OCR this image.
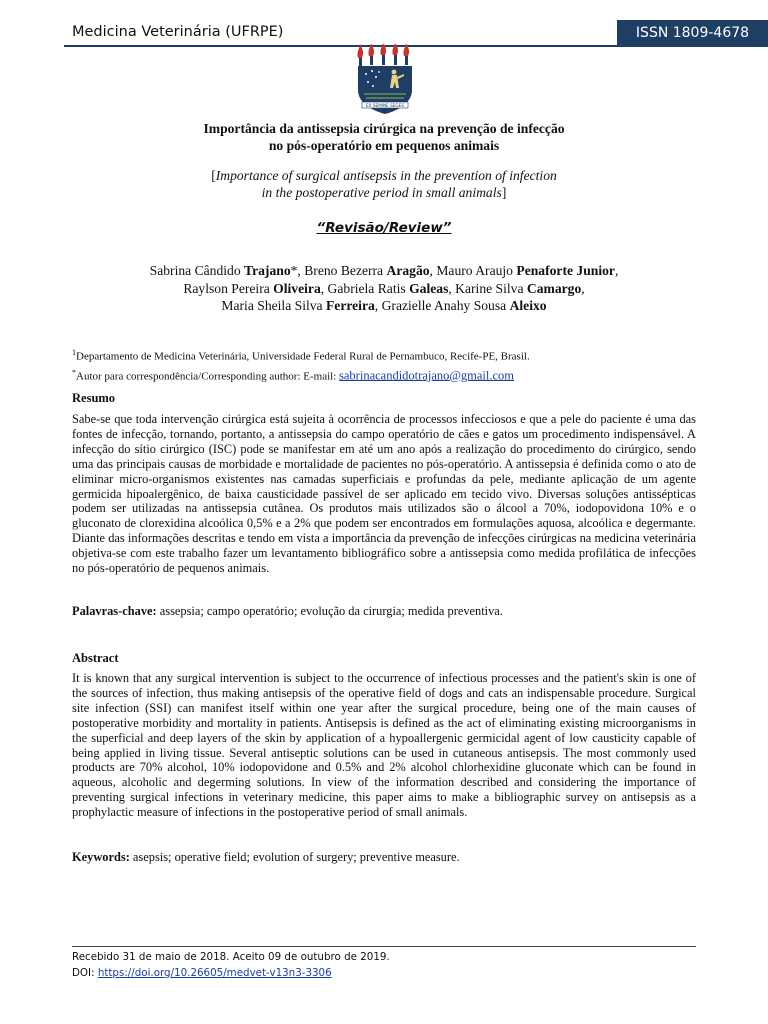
Medicina Veterinária (UFRPE)	ISSN 1809-4678
EX SEMINE SEGES
Importância da antissepsia cirúrgica na prevenção de infecção
no pós-operatório em pequenos animais
[Importance of surgical antisepsis in the prevention of infection
in the postoperative period in small animals]
“Revisão/Review”
Sabrina Cândido Trajano*, Breno Bezerra Aragão, Mauro Araujo Penaforte Junior,
Raylson Pereira Oliveira, Gabriela Ratis Galeas, Karine Silva Camargo,
Maria Sheila Silva Ferreira, Grazielle Anahy Sousa Aleixo
$^1$Departamento de Medicina Veterinária, Universidade Federal Rural de Pernambuco, Recife-PE, Brasil.
*Autor para correspondência/Corresponding author: E-mail: sabrinacandidotrajano@gmail.com
Resumo
Sabe-se que toda intervenção cirúrgica está sujeita à ocorrência de processos infecciosos e que a pele do paciente é uma das fontes de infecção, tornando, portanto, a antissepsia do campo operatório de cães e gatos um procedimento indispensável. A infecção do sítio cirúrgico (ISC) pode se manifestar em até um ano após a realização do procedimento do cirúrgico, sendo uma das principais causas de morbidade e mortalidade de pacientes no pós-operatório. A antissepsia é definida como o ato de eliminar micro-organismos existentes nas camadas superficiais e profundas da pele, mediante aplicação de um agente germicida hipoalergênico, de baixa causticidade passível de ser aplicado em tecido vivo. Diversas soluções antissépticas podem ser utilizadas na antissepsia cutânea. Os produtos mais utilizados são o álcool a 70%, iodopovidona 10% e o gluconato de clorexidina alcoólica 0,5% e a 2% que podem ser encontrados em formulações aquosa, alcoólica e degermante. Diante das informações descritas e tendo em vista a importância da prevenção de infecções cirúrgicas na medicina veterinária objetiva-se com este trabalho fazer um levantamento bibliográfico sobre a antissepsia como medida profilática de infecções no pós-operatório de pequenos animais.
Palavras-chave: assepsia; campo operatório; evolução da cirurgia; medida preventiva.
Abstract
It is known that any surgical intervention is subject to the occurrence of infectious processes and the patient's skin is one of the sources of infection, thus making antisepsis of the operative field of dogs and cats an indispensable procedure. Surgical site infection (SSI) can manifest itself within one year after the surgical procedure, being one of the main causes of postoperative morbidity and mortality in patients. Antisepsis is defined as the act of eliminating existing microorganisms in the superficial and deep layers of the skin by application of a hypoallergenic germicidal agent of low causticity capable of being applied in living tissue. Several antiseptic solutions can be used in cutaneous antisepsis. The most commonly used products are 70% alcohol, 10% iodopovidone and 0.5% and 2% alcohol chlorhexidine gluconate which can be found in aqueous, alcoholic and degerming solutions. In view of the information described and considering the importance of preventing surgical infections in veterinary medicine, this paper aims to make a bibliographic survey on antisepsis as a prophylactic measure of infections in the postoperative period of small animals.
Keywords: asepsis; operative field; evolution of surgery; preventive measure.
Recebido 31 de maio de 2018. Aceito 09 de outubro de 2019.
DOI: https://doi.org/10.26605/medvet-v13n3-3306
